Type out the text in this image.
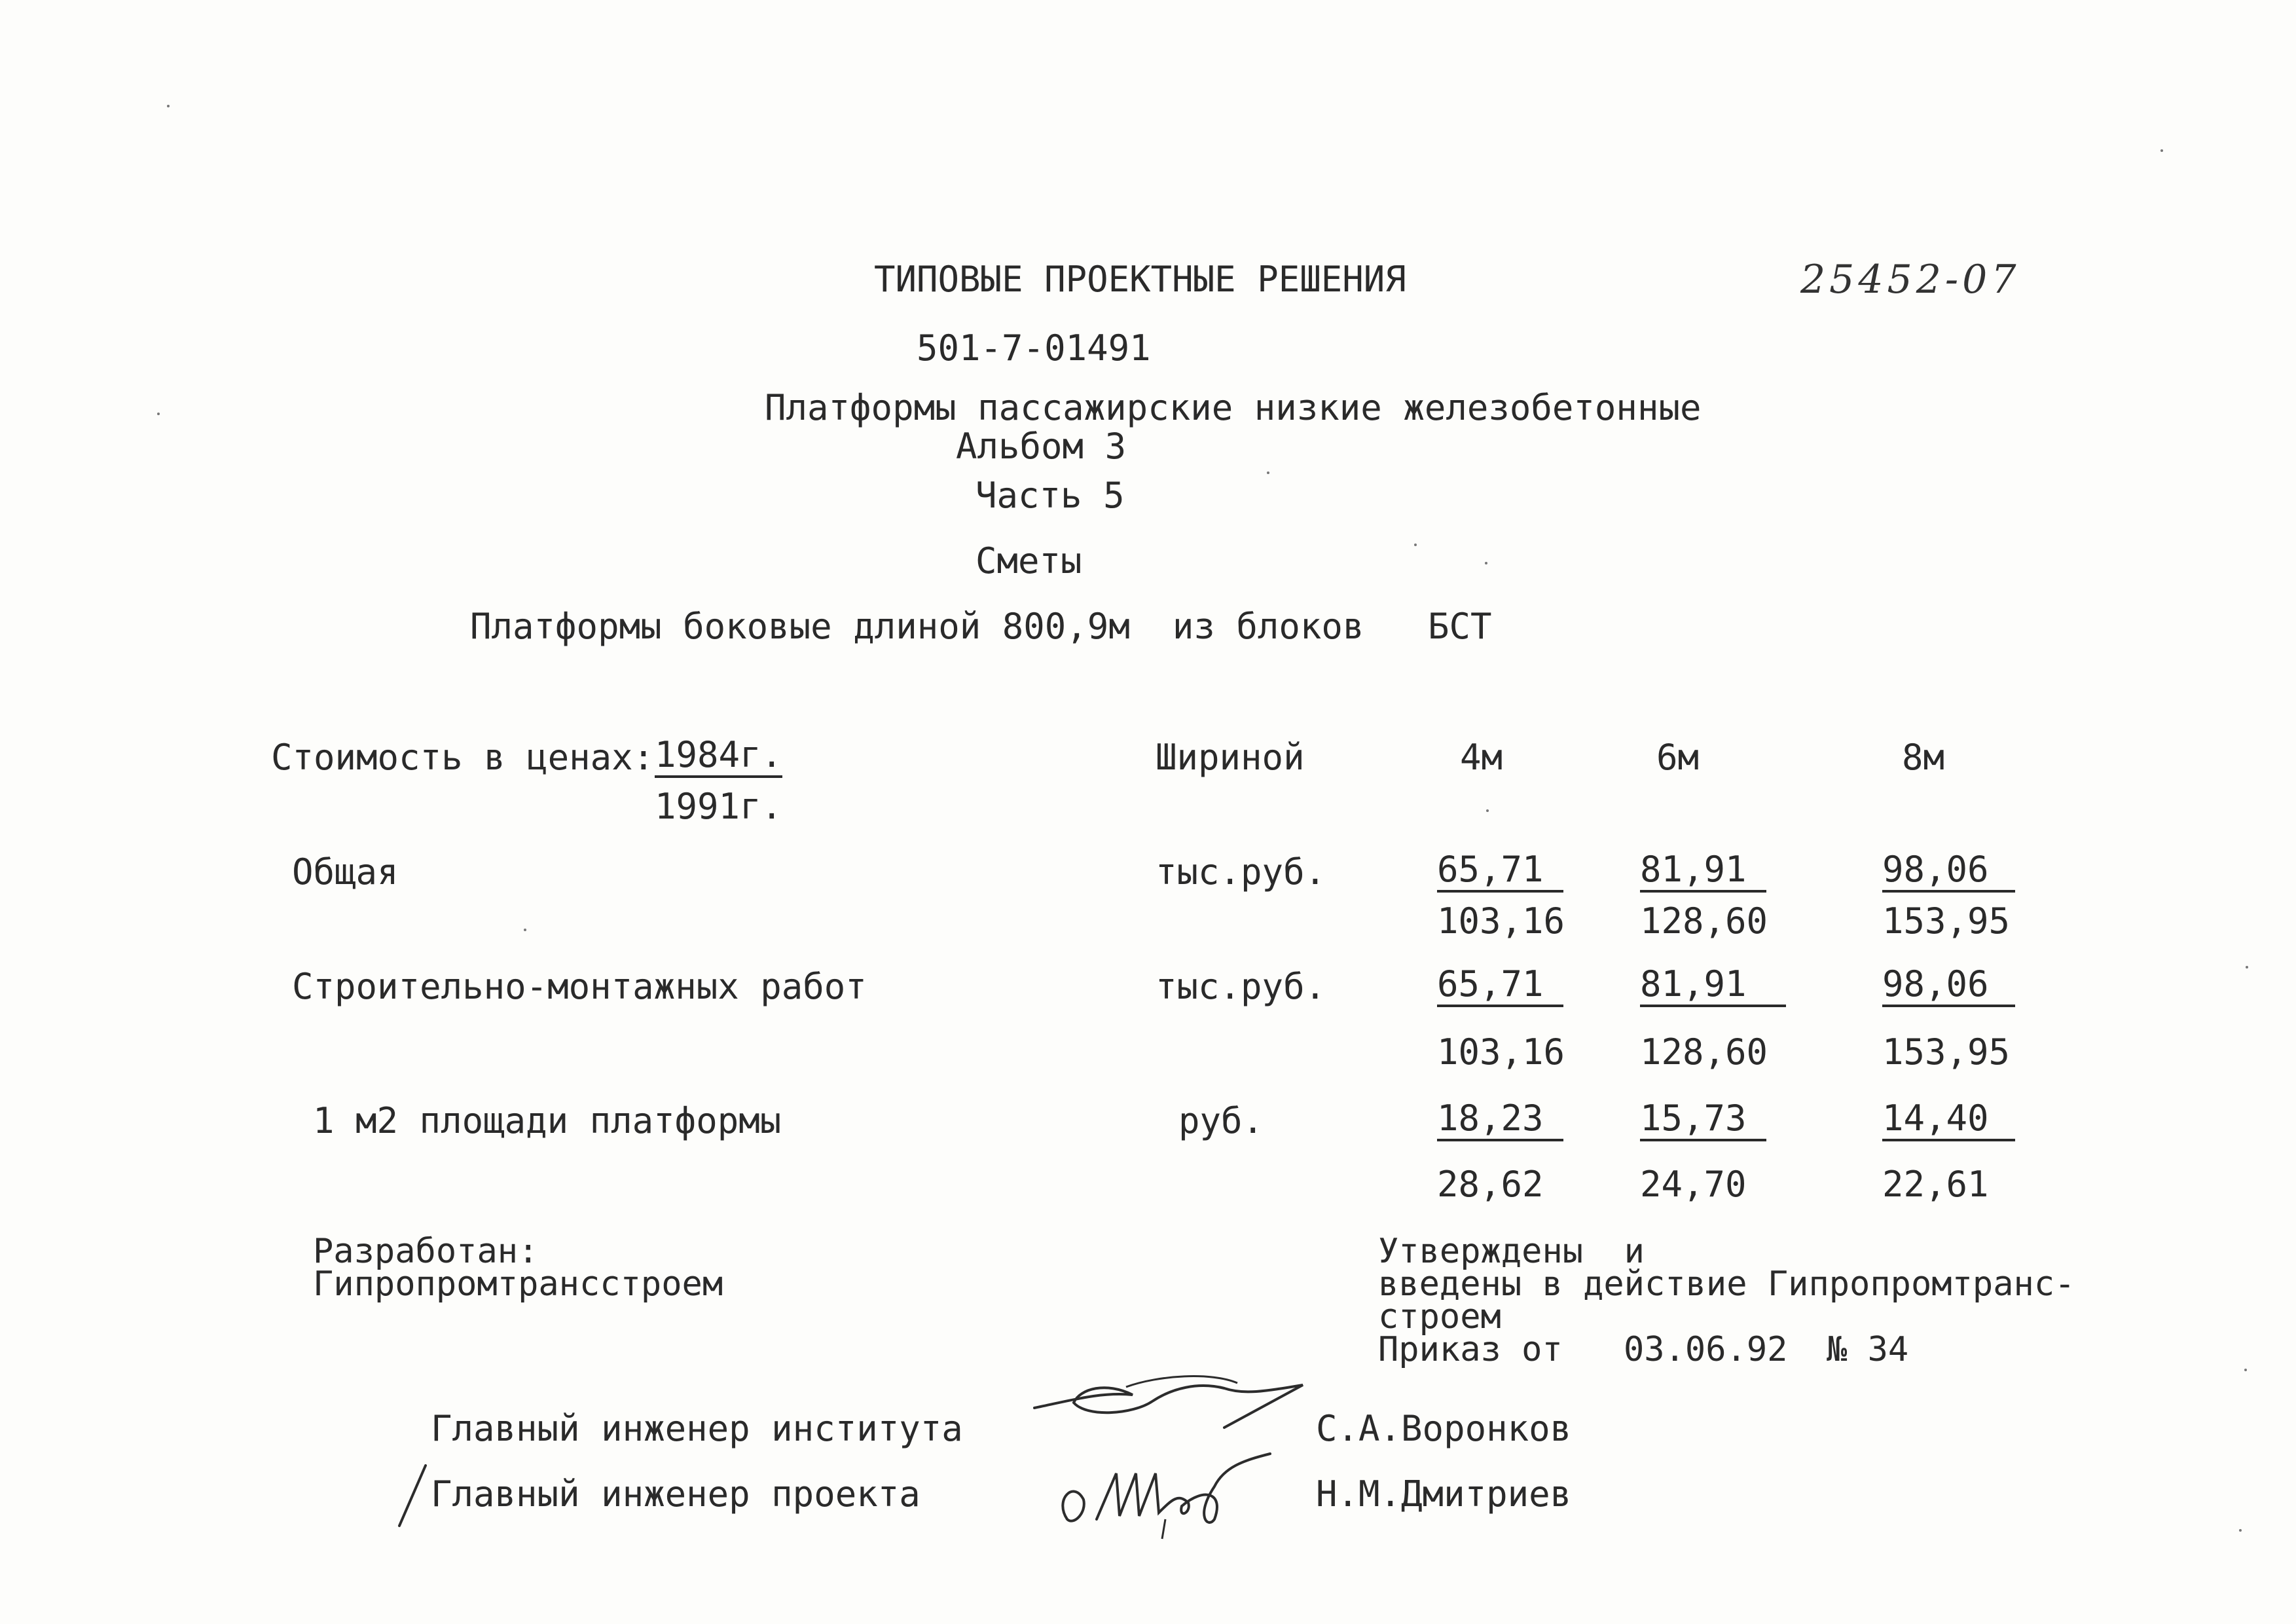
ТИПОВЫЕ ПРОЕКТНЫЕ РЕШЕНИЯ	25452-07
501-7-01491
Платформы пассажирские низкие железобетонные
Альбом 3
Часть 5
Сметы
Платформы боковые длиной 800,9м  из блоков   БСТ
Стоимость в ценах: 1984г.
1991г.
Шириной	4м	6м	8м
Общая	тыс.руб.	65,71	81,91	98,06
103,16 128,60	153,95
Строительно-монтажных работ	тыс.руб.	65,71	81,91	98,06
103,16 128,60	153,95
1 м2 площади платформы	руб.	18,23	15,73	14,40
28,62	24,70	22,61
Разработан:
Гипропромтрансстроем
Утверждены  и
введены в действие Гипропромтранс-
строем
Приказ от 03.06.92 № 34
Главный инженер института	С.А.Воронков
Главный инженер проекта	Н.М.Дмитриев
